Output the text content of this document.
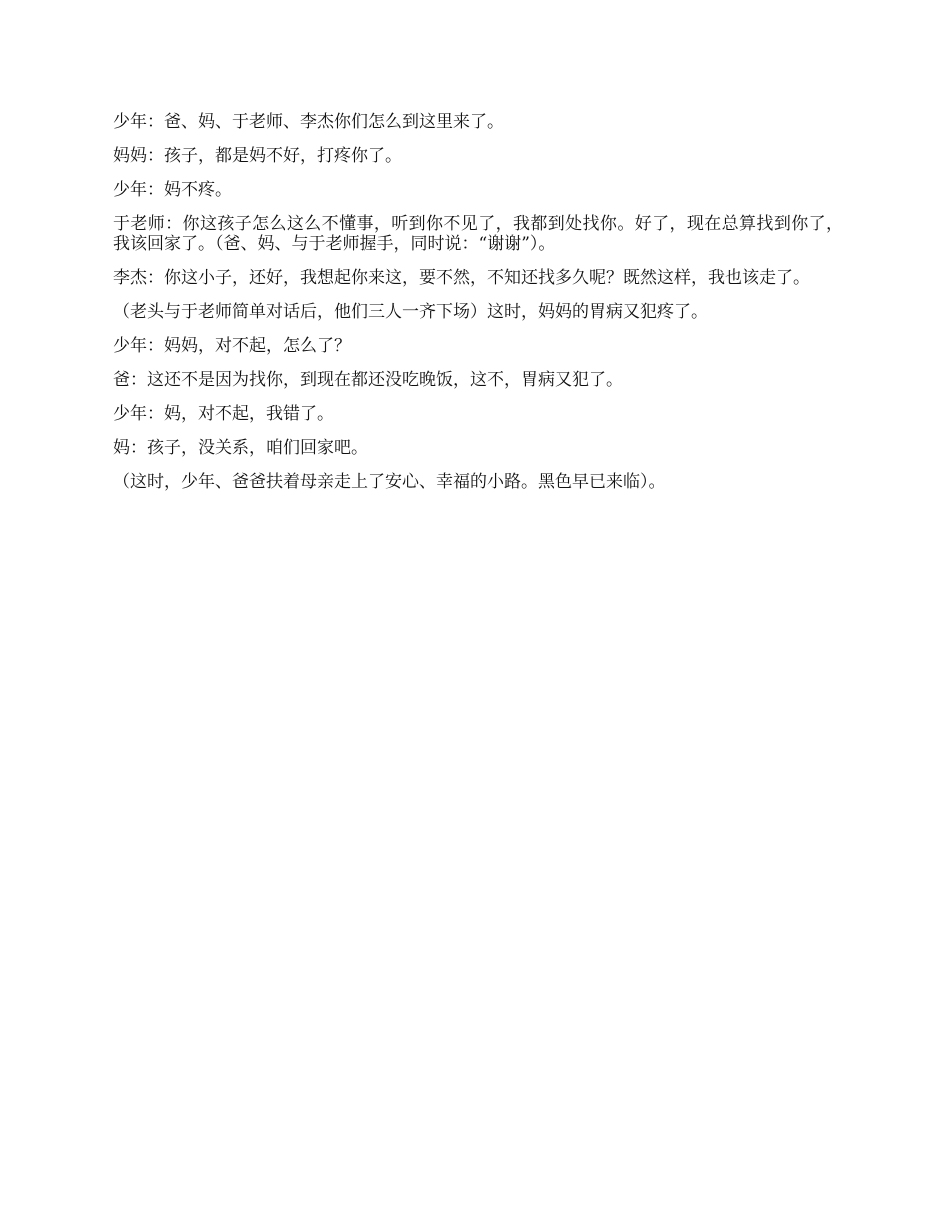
少年：爸、妈、于老师、李杰你们怎么到这里来了。

妈妈：孩子，都是妈不好，打疼你了。

少年：妈不疼。

于老师：你这孩子怎么这么不懂事，听到你不见了，我都到处找你。好了，现在总算找到你了，我该回家了。（爸、妈、与于老师握手，同时说：“谢谢”）。

李杰：你这小子，还好，我想起你来这，要不然，不知还找多久呢？既然这样，我也该走了。

（老头与于老师简单对话后，他们三人一齐下场）这时，妈妈的胃病又犯疼了。

少年：妈妈，对不起，怎么了？

爸：这还不是因为找你，到现在都还没吃晚饭，这不，胃病又犯了。

少年：妈，对不起，我错了。

妈：孩子，没关系，咱们回家吧。

（这时，少年、爸爸扶着母亲走上了安心、幸福的小路。黑色早已来临）。
